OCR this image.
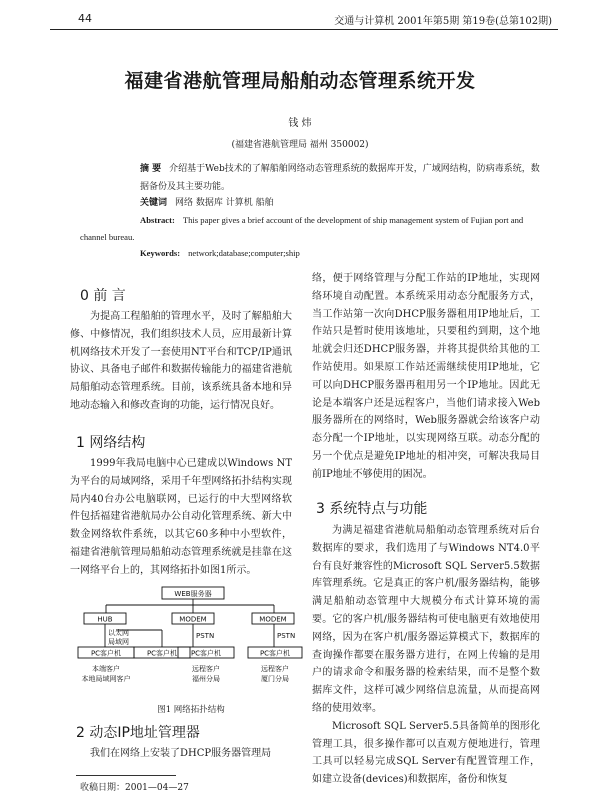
44	交通与计算机 2001年第5期 第19卷(总第102期)
福建省港航管理局船舶动态管理系统开发
钱 炜
(福建省港航管理局 福州 350002)
摘 要 介绍基于Web技术的了解船舶网络动态管理系统的数据库开发，广域网结构，防病毒系统，数据备份及其主要功能。
关键词 网络 数据库 计算机 船舶
Abstract: This paper gives a brief account of the development of ship management system of Fujian port and channel bureau.
Keywords: network;database;computer;ship
0 前 言

为提高工程船舶的管理水平，及时了解船舶大修、中修情况，我们组织技术人员，应用最新计算机网络技术开发了一套使用NT平台和TCP/IP通讯协议、具备电子邮件和数据传输能力的福建省港航局船舶动态管理系统。目前，该系统具备本地和异地动态输入和修改查询的功能，运行情况良好。

1 网络结构

1999年我局电脑中心已建成以Windows NT为平台的局域网络，采用千年型网络拓扑结构实现局内40台办公电脑联网，已运行的中大型网络软件包括福建省港航局办公自动化管理系统、新大中数金网络软件系统，以其它60多种中小型软件，福建省港航管理局船舶动态管理系统就是挂靠在这一网络平台上的，其网络拓扑如图1所示。

WEB服务器
HUB	MODEM	MODEM
以太网
局域网
PSTN	PSTN
PC客户机	PC客户机 PC客户机	PC客户机
本端客户
本地局域网客户
远程客户
福州分局
远程客户
厦门分局
图1 网络拓扑结构
2 动态IP地址管理器

我们在网络上安装了DHCP服务器管理局

收稿日期：2001—04—27

络，便于网络管理与分配工作站的IP地址，实现网络环境自动配置。本系统采用动态分配服务方式，当工作站第一次向DHCP服务器租用IP地址后，工作站只是暂时使用该地址，只要租约到期，这个地址就会归还DHCP服务器，并将其提供给其他的工作站使用。如果原工作站还需继续使用IP地址，它可以向DHCP服务器再租用另一个IP地址。因此无论是本端客户还是远程客户，当他们请求接入Web服务器所在的网络时，Web服务器就会给该客户动态分配一个IP地址，以实现网络互联。动态分配的另一个优点是避免IP地址的相冲突，可解决我局目前IP地址不够使用的困况。

3 系统特点与功能

为满足福建省港航局船舶动态管理系统对后台数据库的要求，我们选用了与Windows NT4.0平台有良好兼容性的Microsoft SQL Server5.5数据库管理系统。它是真正的客户机/服务器结构，能够满足船舶动态管理中大规模分布式计算环境的需要。它的客户机/服务器结构可使电脑更有效地使用网络，因为在客户机/服务器运算模式下，数据库的查询操作都要在服务器方进行，在网上传输的是用户的请求命令和服务器的检索结果，而不是整个数据库文件，这样可减少网络信息流量，从而提高网络的使用效率。

Microsoft SQL Server5.5具备简单的图形化管理工具，很多操作都可以直观方便地进行，管理工具可以轻易完成SQL Server有配置管理工作，如建立设备(devices)和数据库，备份和恢复
